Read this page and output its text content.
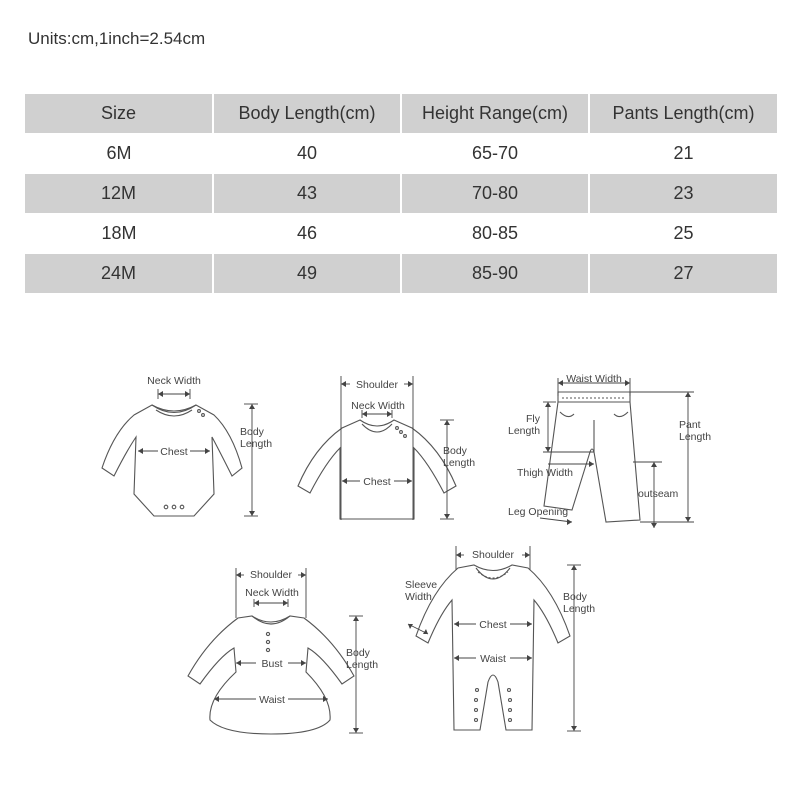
Units:cm,1inch=2.54cm
Size	Body Length(cm)	Height Range(cm)	Pants Length(cm)
6M	40	65-70	21
12M	43	70-80	23
18M	46	80-85	25
24M	49	85-90	27
Neck Width
Chest
Body
Length
Shoulder
Neck Width
Chest
Body
Length
Waist Width
Fly
Length	Pant
Length
Thigh Width
outseam
Leg Opening
Shoulder
Neck Width
Bust
Waist
Body
Length
Shoulder
Sleeve
Width
Chest
Waist
Body
Length
